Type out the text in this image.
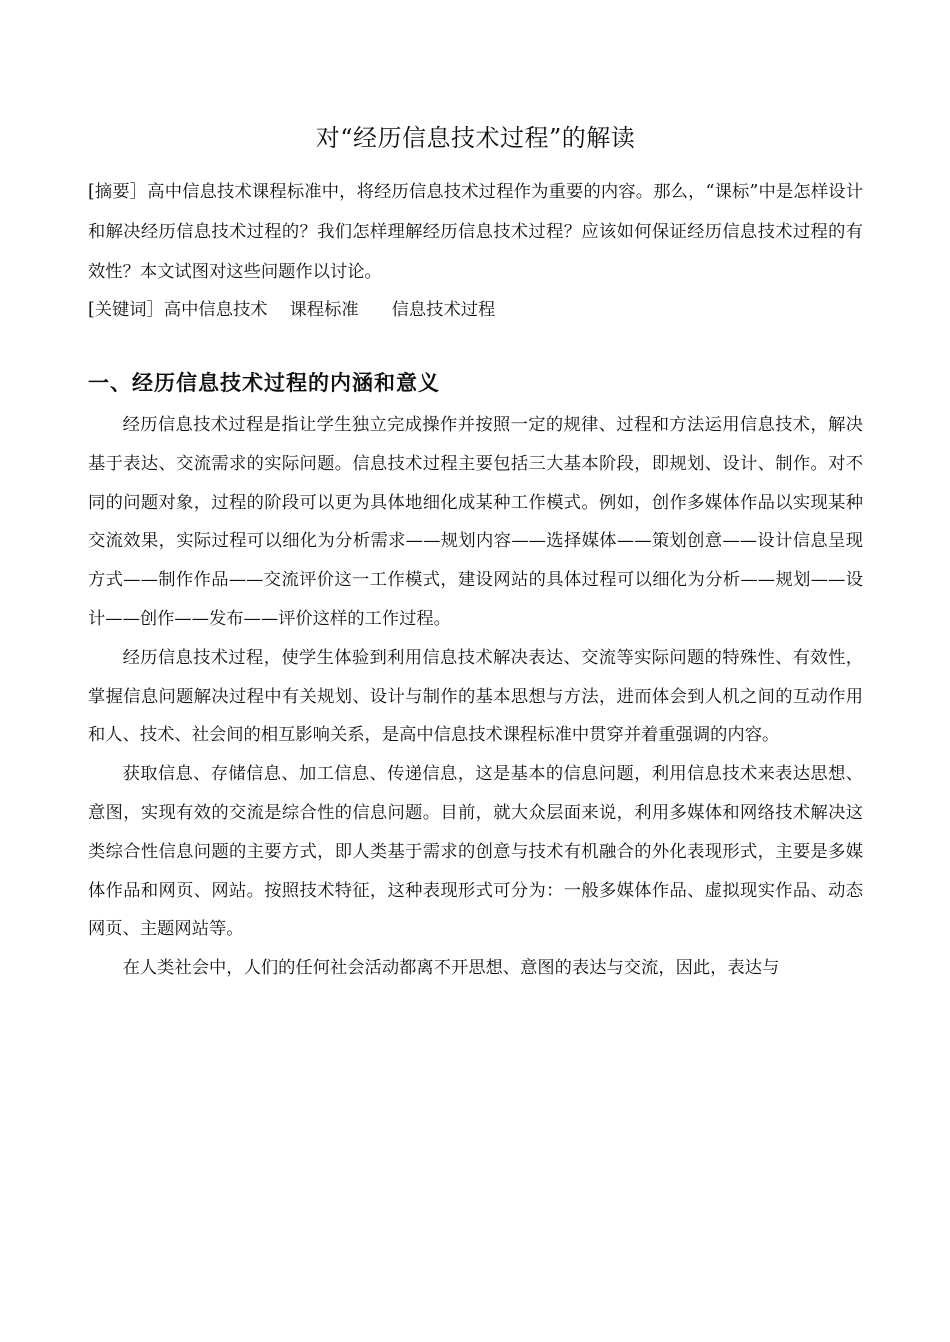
对“经历信息技术过程”的解读

[摘要］高中信息技术课程标准中，将经历信息技术过程作为重要的内容。那么，“课标”中是怎样设计和解决经历信息技术过程的？我们怎样理解经历信息技术过程？应该如何保证经历信息技术过程的有效性？本文试图对这些问题作以讨论。

[关键词］高中信息技术    课程标准      信息技术过程

一、经历信息技术过程的内涵和意义

经历信息技术过程是指让学生独立完成操作并按照一定的规律、过程和方法运用信息技术，解决基于表达、交流需求的实际问题。信息技术过程主要包括三大基本阶段，即规划、设计、制作。对不同的问题对象，过程的阶段可以更为具体地细化成某种工作模式。例如，创作多媒体作品以实现某种交流效果，实际过程可以细化为分析需求——规划内容——选择媒体——策划创意——设计信息呈现方式——制作作品——交流评价这一工作模式，建设网站的具体过程可以细化为分析——规划——设计——创作——发布——评价这样的工作过程。

经历信息技术过程，使学生体验到利用信息技术解决表达、交流等实际问题的特殊性、有效性，掌握信息问题解决过程中有关规划、设计与制作的基本思想与方法，进而体会到人机之间的互动作用和人、技术、社会间的相互影响关系，是高中信息技术课程标准中贯穿并着重强调的内容。

获取信息、存储信息、加工信息、传递信息，这是基本的信息问题，利用信息技术来表达思想、意图，实现有效的交流是综合性的信息问题。目前，就大众层面来说，利用多媒体和网络技术解决这类综合性信息问题的主要方式，即人类基于需求的创意与技术有机融合的外化表现形式，主要是多媒体作品和网页、网站。按照技术特征，这种表现形式可分为：一般多媒体作品、虚拟现实作品、动态网页、主题网站等。

在人类社会中，人们的任何社会活动都离不开思想、意图的表达与交流，因此，表达与
